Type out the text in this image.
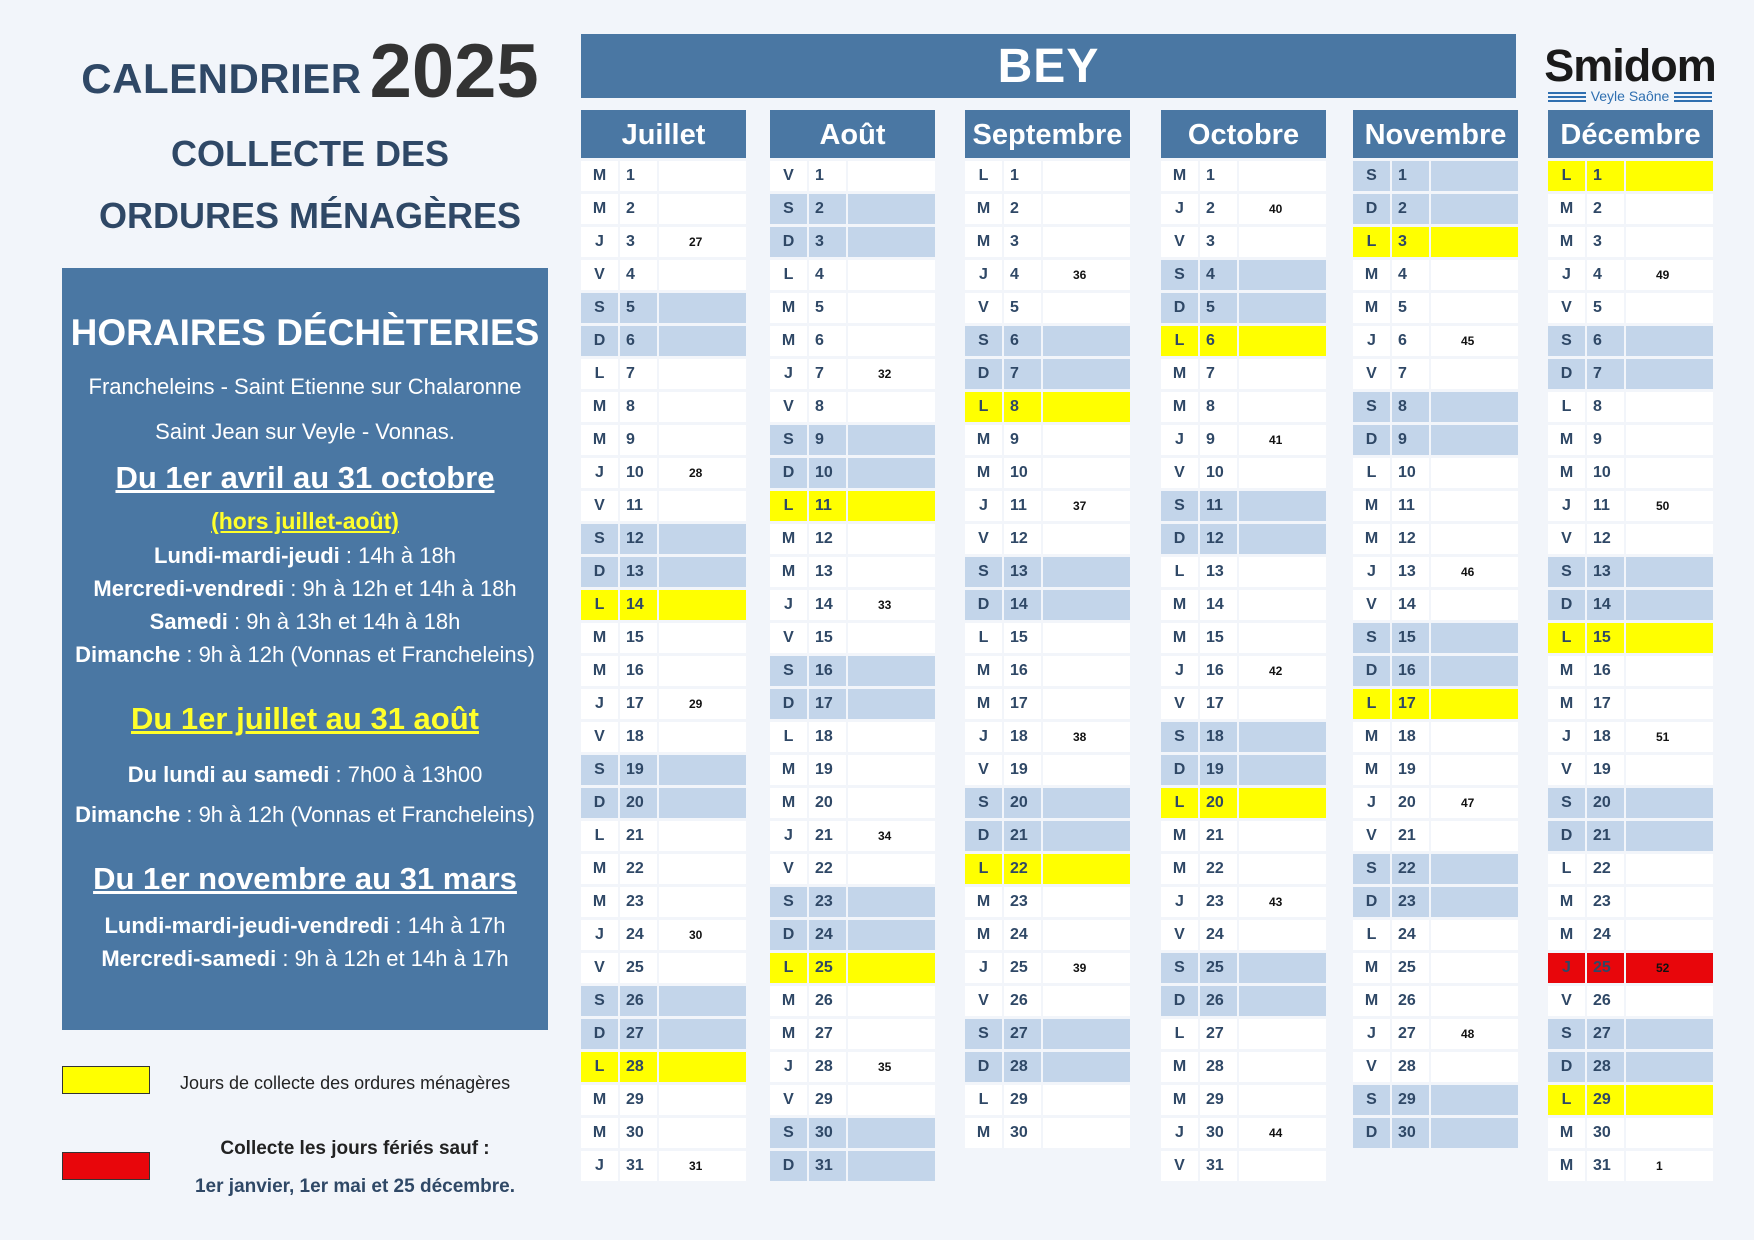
CALENDRIER 2025
COLLECTE DES
ORDURES MÉNAGÈRES
HORAIRES DÉCHÈTERIES
Francheleins - Saint Etienne sur Chalaronne
Saint Jean sur Veyle - Vonnas.
Du 1er avril au 31 octobre
(hors juillet-août)
Lundi-mardi-jeudi : 14h à 18h
Mercredi-vendredi : 9h à 12h et 14h à 18h
Samedi : 9h à 13h et 14h à 18h
Dimanche : 9h à 12h (Vonnas et Francheleins)
Du 1er juillet au 31 août
Du lundi au samedi : 7h00 à 13h00
Dimanche : 9h à 12h (Vonnas et Francheleins)
Du 1er novembre au 31 mars
Lundi-mardi-jeudi-vendredi : 14h à 17h
Mercredi-samedi : 9h à 12h et 14h à 17h
Jours de collecte des ordures ménagères
Collecte les jours fériés sauf :
1er janvier, 1er mai et 25 décembre.
BEY	Smidom
Veyle Saône
Juillet
M	1
M	2
J	3	27
V	4
S	5
D	6
L	7
M	8
M	9
J	10	28
V	11
S	12
D	13
L	14
M	15
M	16
J	17	29
V	18
S	19
D	20
L	21
M	22
M	23
J	24	30
V	25
S	26
D	27
L	28
M	29
M	30
J	31	31
Août
V	1
S	2
D	3
L	4
M	5
M	6
J	7	32
V	8
S	9
D	10
L	11
M	12
M	13
J	14	33
V	15
S	16
D	17
L	18
M	19
M	20
J	21	34
V	22
S	23
D	24
L	25
M	26
M	27
J	28	35
V	29
S	30
D	31
Septembre
L	1
M	2
M	3
J	4	36
V	5
S	6
D	7
L	8
M	9
M	10
J	11	37
V	12
S	13
D	14
L	15
M	16
M	17
J	18	38
V	19
S	20
D	21
L	22
M	23
M	24
J	25	39
V	26
S	27
D	28
L	29
M	30
Octobre
M	1
J	2	40
V	3
S	4
D	5
L	6
M	7
M	8
J	9	41
V	10
S	11
D	12
L	13
M	14
M	15
J	16	42
V	17
S	18
D	19
L	20
M	21
M	22
J	23	43
V	24
S	25
D	26
L	27
M	28
M	29
J	30	44
V	31
Novembre
S	1
D	2
L	3
M	4
M	5
J	6	45
V	7
S	8
D	9
L	10
M	11
M	12
J	13	46
V	14
S	15
D	16
L	17
M	18
M	19
J	20	47
V	21
S	22
D	23
L	24
M	25
M	26
J	27	48
V	28
S	29
D	30
Décembre
L	1
M	2
M	3
J	4	49
V	5
S	6
D	7
L	8
M	9
M	10
J	11	50
V	12
S	13
D	14
L	15
M	16
M	17
J	18	51
V	19
S	20
D	21
L	22
M	23
M	24
J	25	52
V	26
S	27
D	28
L	29
M	30
M	31	1
